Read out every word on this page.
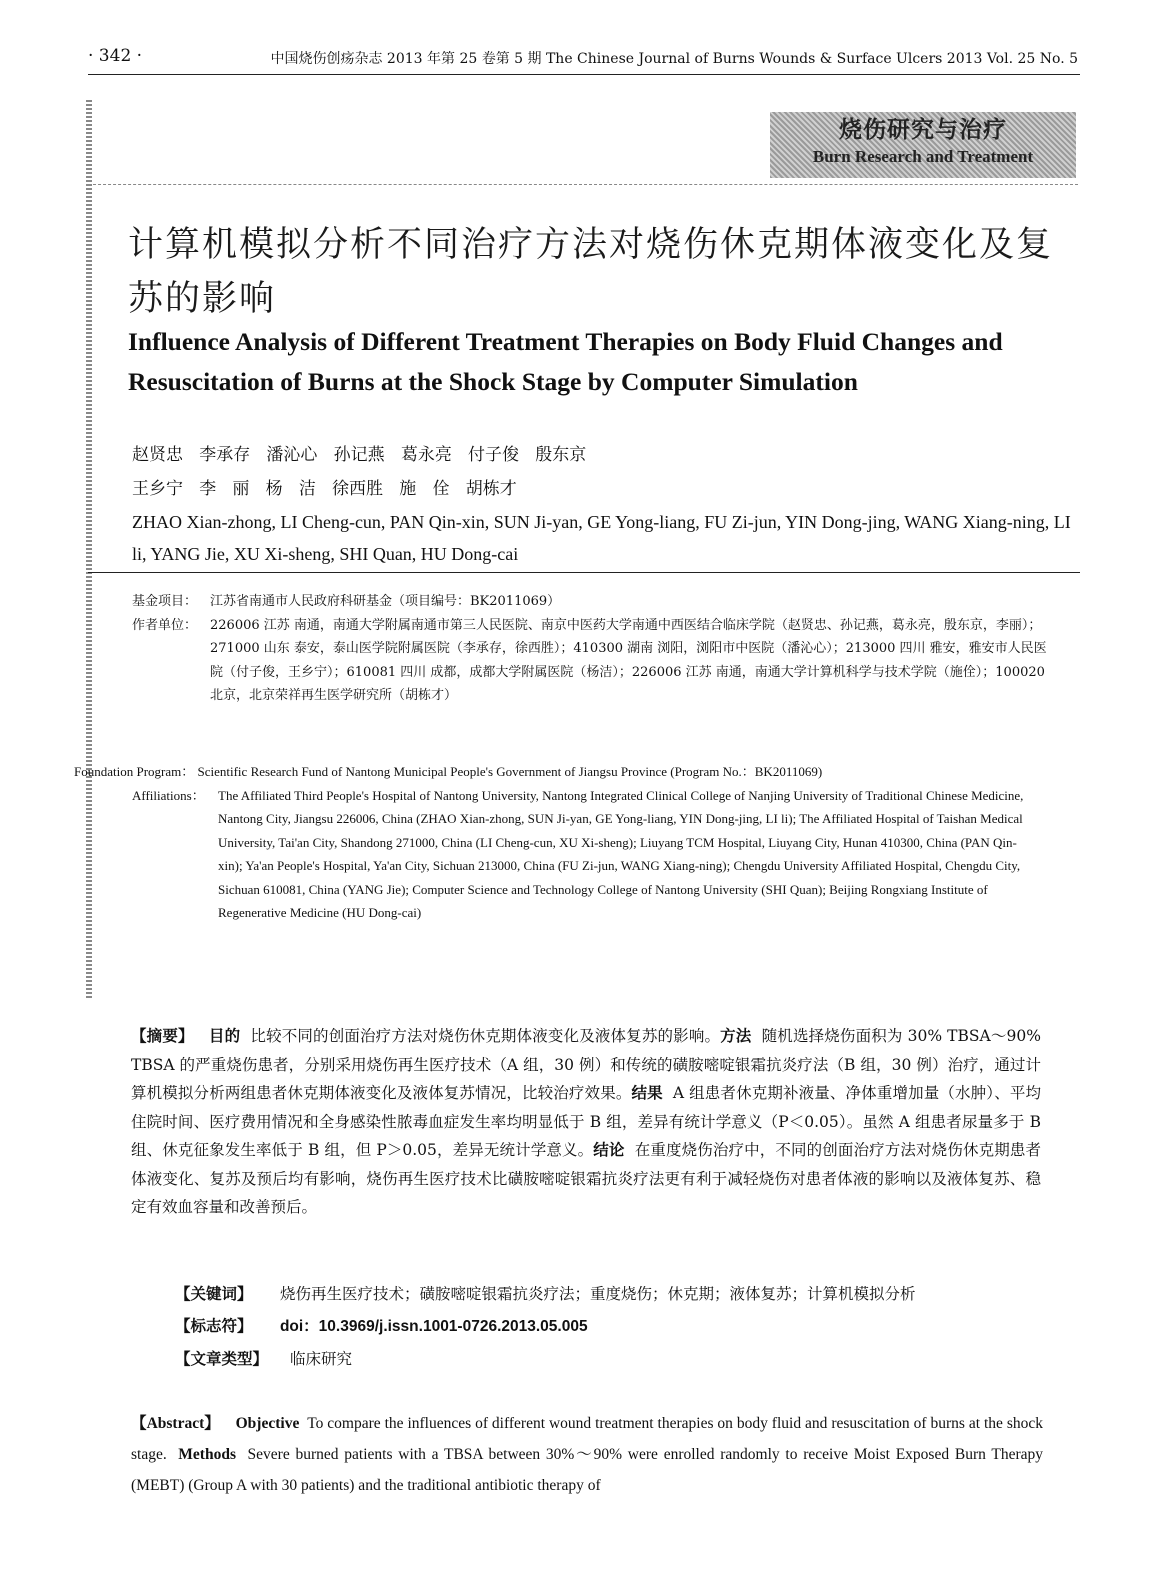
· 342 ·	中国烧伤创疡杂志 2013 年第 25 卷第 5 期 The Chinese Journal of Burns Wounds & Surface Ulcers 2013 Vol. 25 No. 5
烧伤研究与治疗
Burn Research and Treatment
计算机模拟分析不同治疗方法对烧伤休克期体液变化及复苏的影响
Influence Analysis of Different Treatment Therapies on Body Fluid Changes and Resuscitation of Burns at the Shock Stage by Computer Simulation
赵贤忠   李承存   潘沁心   孙记燕   葛永亮   付子俊   殷东京
王乡宁   李   丽   杨   洁   徐西胜   施   佺   胡栋才
ZHAO Xian-zhong, LI Cheng-cun, PAN Qin-xin, SUN Ji-yan, GE Yong-liang, FU Zi-jun, YIN Dong-jing, WANG Xiang-ning, LI li, YANG Jie, XU Xi-sheng, SHI Quan, HU Dong-cai
基金项目： 江苏省南通市人民政府科研基金（项目编号：BK2011069）
作者单位： 226006 江苏 南通，南通大学附属南通市第三人民医院、南京中医药大学南通中西医结合临床学院（赵贤忠、孙记燕，葛永亮，殷东京，李丽）；271000 山东 泰安，泰山医学院附属医院（李承存，徐西胜）；410300 湖南 浏阳，浏阳市中医院（潘沁心）；213000 四川 雅安，雅安市人民医院（付子俊，王乡宁）；610081 四川 成都，成都大学附属医院（杨洁）；226006 江苏 南通，南通大学计算机科学与技术学院（施佺）；100020 北京，北京荣祥再生医学研究所（胡栋才）
Foundation Program： Scientific Research Fund of Nantong Municipal People's Government of Jiangsu Province (Program No.：BK2011069)
Affiliations： The Affiliated Third People's Hospital of Nantong University, Nantong Integrated Clinical College of Nanjing University of Traditional Chinese Medicine, Nantong City, Jiangsu 226006, China (ZHAO Xian-zhong, SUN Ji-yan, GE Yong-liang, YIN Dong-jing, LI li); The Affiliated Hospital of Taishan Medical University, Tai'an City, Shandong 271000, China (LI Cheng-cun, XU Xi-sheng); Liuyang TCM Hospital, Liuyang City, Hunan 410300, China (PAN Qin-xin); Ya'an People's Hospital, Ya'an City, Sichuan 213000, China (FU Zi-jun, WANG Xiang-ning); Chengdu University Affiliated Hospital, Chengdu City, Sichuan 610081, China (YANG Jie); Computer Science and Technology College of Nantong University (SHI Quan); Beijing Rongxiang Institute of Regenerative Medicine (HU Dong-cai)
【摘要】 目的 比较不同的创面治疗方法对烧伤休克期体液变化及液体复苏的影响。方法 随机选择烧伤面积为 30% TBSA～90% TBSA 的严重烧伤患者，分别采用烧伤再生医疗技术（A 组，30 例）和传统的磺胺嘧啶银霜抗炎疗法（B 组，30 例）治疗，通过计算机模拟分析两组患者休克期体液变化及液体复苏情况，比较治疗效果。结果 A 组患者休克期补液量、净体重增加量（水肿）、平均住院时间、医疗费用情况和全身感染性脓毒血症发生率均明显低于 B 组，差异有统计学意义（P＜0.05）。虽然 A 组患者尿量多于 B 组、休克征象发生率低于 B 组，但 P＞0.05，差异无统计学意义。结论 在重度烧伤治疗中，不同的创面治疗方法对烧伤休克期患者体液变化、复苏及预后均有影响，烧伤再生医疗技术比磺胺嘧啶银霜抗炎疗法更有利于减轻烧伤对患者体液的影响以及液体复苏、稳定有效血容量和改善预后。
【关键词】 烧伤再生医疗技术；磺胺嘧啶银霜抗炎疗法；重度烧伤；休克期；液体复苏；计算机模拟分析
【标志符】 doi：10.3969/j.issn.1001-0726.2013.05.005
【文章类型】 临床研究
【Abstract】 Objective To compare the influences of different wound treatment therapies on body fluid and resuscitation of burns at the shock stage. Methods Severe burned patients with a TBSA between 30%～90% were enrolled randomly to receive Moist Exposed Burn Therapy (MEBT) (Group A with 30 patients) and the traditional antibiotic therapy of
